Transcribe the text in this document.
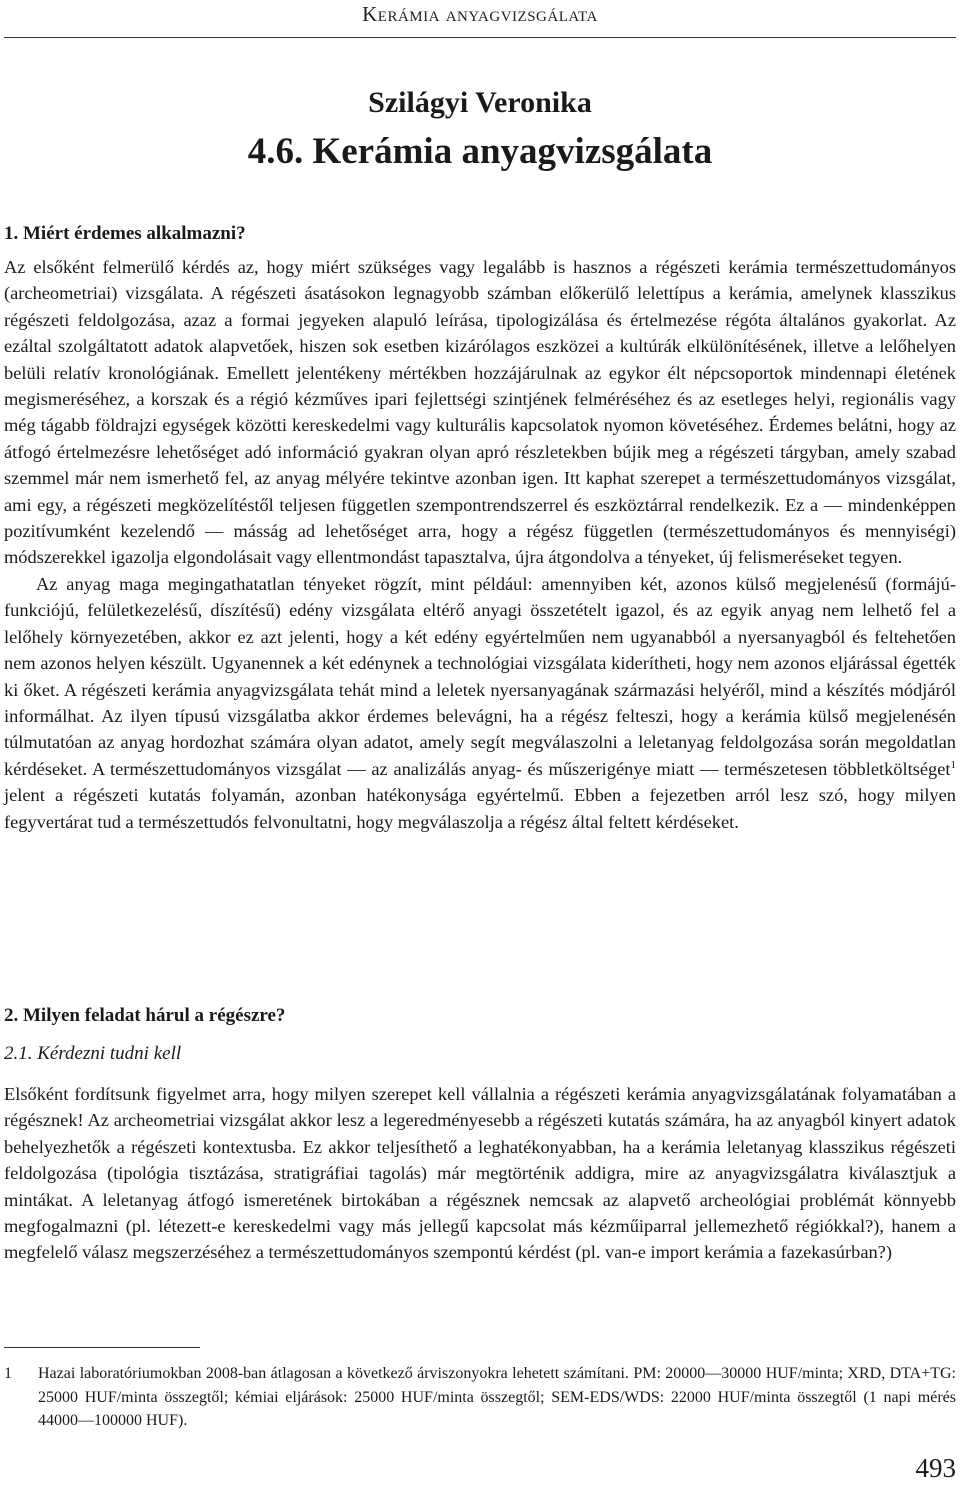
Kerámia anyagvizsgálata
Szilágyi Veronika
4.6. Kerámia anyagvizsgálata
1. Miért érdemes alkalmazni?

Az elsőként felmerülő kérdés az, hogy miért szükséges vagy legalább is hasznos a régészeti kerámia természettudományos (archeometriai) vizsgálata. A régészeti ásatásokon legnagyobb számban előkerülő lelettípus a kerámia, amelynek klasszikus régészeti feldolgozása, azaz a formai jegyeken alapuló leírása, tipologizálása és értelmezése régóta általános gyakorlat. Az ezáltal szolgáltatott adatok alapvetőek, hiszen sok esetben kizárólagos eszközei a kultúrák elkülönítésének, illetve a lelőhelyen belüli relatív kronológiának. Emellett jelentékeny mértékben hozzájárulnak az egykor élt népcsoportok mindennapi életének megismeréséhez, a korszak és a régió kézműves ipari fejlettségi szintjének felméréséhez és az esetleges helyi, regionális vagy még tágabb földrajzi egységek közötti kereskedelmi vagy kulturális kapcsolatok nyomon követéséhez. Érdemes belátni, hogy az átfogó értelmezésre lehetőséget adó információ gyakran olyan apró részletekben bújik meg a régészeti tárgyban, amely szabad szemmel már nem ismerhető fel, az anyag mélyére tekintve azonban igen. Itt kaphat szerepet a természettudományos vizsgálat, ami egy, a régészeti megközelítéstől teljesen független szempontrendszerrel és eszköztárral rendelkezik. Ez a — mindenképpen pozitívumként kezelendő — másság ad lehetőséget arra, hogy a régész független (természettudományos és mennyiségi) módszerekkel igazolja elgondolásait vagy ellentmondást tapasztalva, újra átgondolva a tényeket, új felismeréseket tegyen.

Az anyag maga megingathatatlan tényeket rögzít, mint például: amennyiben két, azonos külső megjelenésű (formájú-funkciójú, felületkezelésű, díszítésű) edény vizsgálata eltérő anyagi összetételt igazol, és az egyik anyag nem lelhető fel a lelőhely környezetében, akkor ez azt jelenti, hogy a két edény egyértelműen nem ugyanabból a nyersanyagból és feltehetően nem azonos helyen készült. Ugyanennek a két edénynek a technológiai vizsgálata kiderítheti, hogy nem azonos eljárással égették ki őket. A régészeti kerámia anyagvizsgálata tehát mind a leletek nyersanyagának származási helyéről, mind a készítés módjáról informálhat. Az ilyen típusú vizsgálatba akkor érdemes belevágni, ha a régész felteszi, hogy a kerámia külső megjelenésén túlmutatóan az anyag hordozhat számára olyan adatot, amely segít megválaszolni a leletanyag feldolgozása során megoldatlan kérdéseket. A természettudományos vizsgálat — az analizálás anyag- és műszerigénye miatt — természetesen többletköltséget$^1$ jelent a régészeti kutatás folyamán, azonban hatékonysága egyértelmű. Ebben a fejezetben arról lesz szó, hogy milyen fegyvertárat tud a természettudós felvonultatni, hogy megválaszolja a régész által feltett kérdéseket.

2. Milyen feladat hárul a régészre?
2.1. Kérdezni tudni kell

Elsőként fordítsunk figyelmet arra, hogy milyen szerepet kell vállalnia a régészeti kerámia anyagvizsgálatának folyamatában a régésznek! Az archeometriai vizsgálat akkor lesz a legeredményesebb a régészeti kutatás számára, ha az anyagból kinyert adatok behelyezhetők a régészeti kontextusba. Ez akkor teljesíthető a leghatékonyabban, ha a kerámia leletanyag klasszikus régészeti feldolgozása (tipológia tisztázása, stratigráfiai tagolás) már megtörténik addigra, mire az anyagvizsgálatra kiválasztjuk a mintákat. A leletanyag átfogó ismeretének birtokában a régésznek nemcsak az alapvető archeológiai problémát könnyebb megfogalmazni (pl. létezett-e kereskedelmi vagy más jellegű kapcsolat más kézműiparral jellemezhető régiókkal?), hanem a megfelelő válasz megszerzéséhez a természettudományos szempontú kérdést (pl. van-e import kerámia a fazekasúrban?)

1	Hazai laboratóriumokban 2008-ban átlagosan a következő árviszonyokra lehetett számítani. PM: 20000—30000 HUF/minta; XRD, DTA+TG: 25000 HUF/minta összegtől; kémiai eljárások: 25000 HUF/minta összegtől; SEM-EDS/WDS: 22000 HUF/minta összegtől (1 napi mérés 44000—100000 HUF).
493
